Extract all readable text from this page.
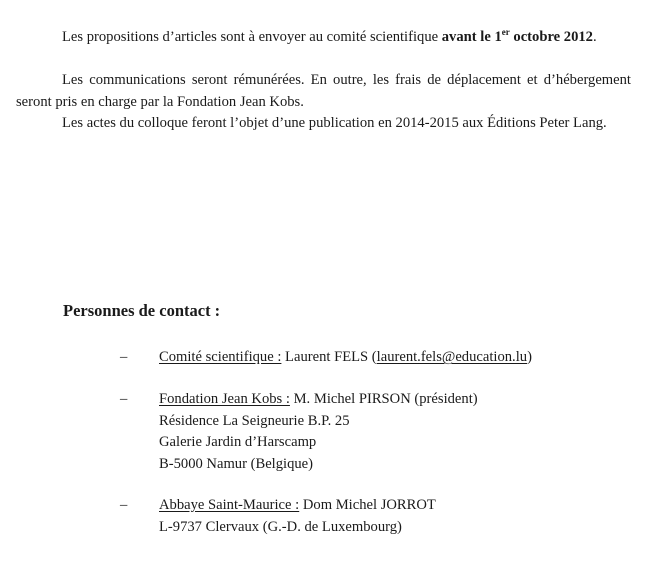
Les propositions d’articles sont à envoyer au comité scientifique avant le 1er octobre 2012.

Les communications seront rémunérées. En outre, les frais de déplacement et d’hébergement seront pris en charge par la Fondation Jean Kobs.

Les actes du colloque feront l’objet d’une publication en 2014-2015 aux Éditions Peter Lang.

Personnes de contact :
–	Comité scientifique : Laurent FELS (laurent.fels@education.lu)
–	Fondation Jean Kobs : M. Michel PIRSON (président)
Résidence La Seigneurie B.P. 25
Galerie Jardin d’Harscamp
B-5000 Namur (Belgique)
–	Abbaye Saint-Maurice : Dom Michel JORROT
L-9737 Clervaux (G.-D. de Luxembourg)
